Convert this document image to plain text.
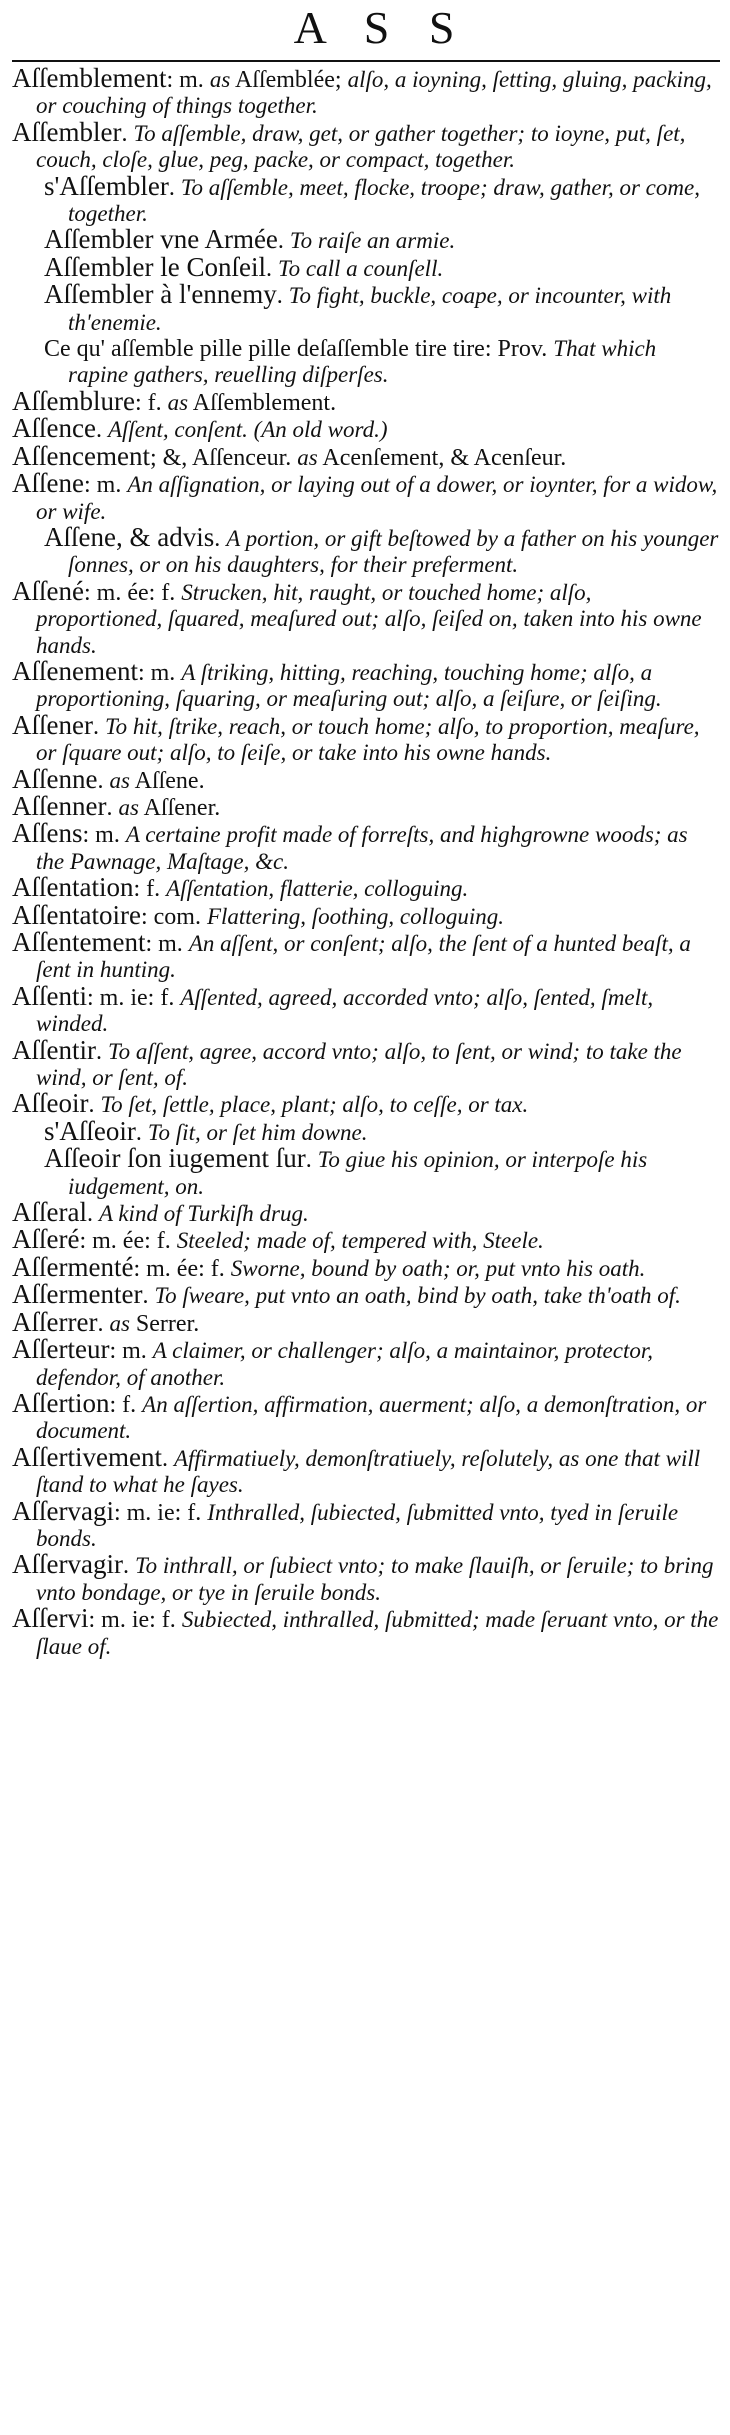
A S S

Aſſemblement: m. as Aſſemblée; alſo, a ioyning, ſetting, gluing, packing, or couching of things together.

Aſſembler. To aſſemble, draw, get, or gather together; to ioyne, put, ſet, couch, cloſe, glue, peg, packe, or compact, together.

s'Aſſembler. To aſſemble, meet, flocke, troope; draw, gather, or come, together.

Aſſembler vne Armée. To raiſe an armie.

Aſſembler le Conſeil. To call a counſell.

Aſſembler à l'ennemy. To fight, buckle, coape, or incounter, with th'enemie.

Ce qu' aſſemble pille pille deſaſſemble tire tire: Prov. That which rapine gathers, reuelling diſperſes.

Aſſemblure: f. as Aſſemblement.

Aſſence. Aſſent, conſent. (An old word.)

Aſſencement; &, Aſſenceur. as Acenſement, & Acenſeur.

Aſſene: m. An aſſignation, or laying out of a dower, or ioynter, for a widow, or wife.

Aſſene, & advis. A portion, or gift beſtowed by a father on his younger ſonnes, or on his daughters, for their preferment.

Aſſené: m. ée: f. Strucken, hit, raught, or touched home; alſo, proportioned, ſquared, meaſured out; alſo, ſeiſed on, taken into his owne hands.

Aſſenement: m. A ſtriking, hitting, reaching, touching home; alſo, a proportioning, ſquaring, or meaſuring out; alſo, a ſeiſure, or ſeiſing.

Aſſener. To hit, ſtrike, reach, or touch home; alſo, to proportion, meaſure, or ſquare out; alſo, to ſeiſe, or take into his owne hands.

Aſſenne. as Aſſene.

Aſſenner. as Aſſener.

Aſſens: m. A certaine profit made of forreſts, and highgrowne woods; as the Pawnage, Maſtage, &c.

Aſſentation: f. Aſſentation, flatterie, colloguing.

Aſſentatoire: com. Flattering, ſoothing, colloguing.

Aſſentement: m. An aſſent, or conſent; alſo, the ſent of a hunted beaſt, a ſent in hunting.

Aſſenti: m. ie: f. Aſſented, agreed, accorded vnto; alſo, ſented, ſmelt, winded.

Aſſentir. To aſſent, agree, accord vnto; alſo, to ſent, or wind; to take the wind, or ſent, of.

Aſſeoir. To ſet, ſettle, place, plant; alſo, to ceſſe, or tax.

s'Aſſeoir. To ſit, or ſet him downe.

Aſſeoir ſon iugement ſur. To giue his opinion, or interpoſe his iudgement, on.

Aſſeral. A kind of Turkiſh drug.

Aſſeré: m. ée: f. Steeled; made of, tempered with, Steele.

Aſſermenté: m. ée: f. Sworne, bound by oath; or, put vnto his oath.

Aſſermenter. To ſweare, put vnto an oath, bind by oath, take th'oath of.

Aſſerrer. as Serrer.

Aſſerteur: m. A claimer, or challenger; alſo, a maintainor, protector, defendor, of another.

Aſſertion: f. An aſſertion, affirmation, auerment; alſo, a demonſtration, or document.

Aſſertivement. Affirmatiuely, demonſtratiuely, reſolutely, as one that will ſtand to what he ſayes.

Aſſervagi: m. ie: f. Inthralled, ſubiected, ſubmitted vnto, tyed in ſeruile bonds.

Aſſervagir. To inthrall, or ſubiect vnto; to make ſlauiſh, or ſeruile; to bring vnto bondage, or tye in ſeruile bonds.

Aſſervi: m. ie: f. Subiected, inthralled, ſubmitted; made ſeruant vnto, or the ſlaue of.
